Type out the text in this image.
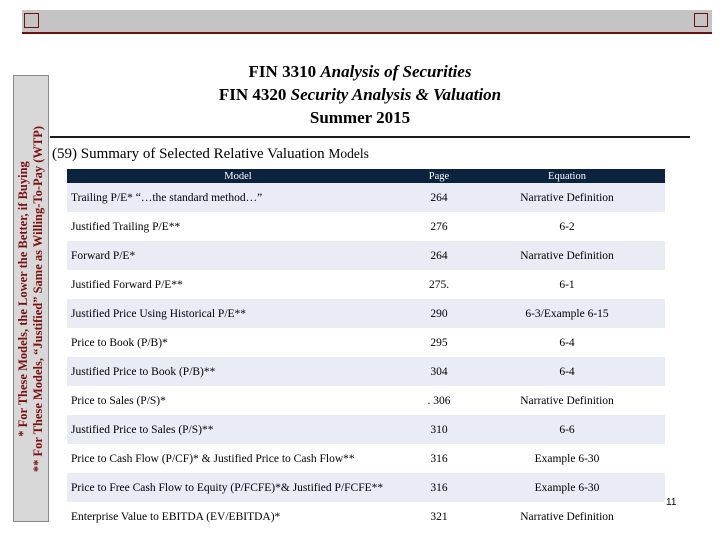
* For These Models, the Lower the Better, if Buying ** For These Models, “Justified” Same as Willing-To-Pay (WTP)
FIN 3310 Analysis of Securities
FIN 4320 Security Analysis & Valuation
Summer 2015
(59) Summary of Selected Relative Valuation Models
Model	Page	Equation
Trailing P/E* “…the standard method…”	264	Narrative Definition
Justified Trailing P/E**	276	6-2
Forward P/E*	264	Narrative Definition
Justified Forward P/E**	275.	6-1
Justified Price Using Historical P/E**	290	6-3/Example 6-15
Price to Book (P/B)*	295	6-4
Justified Price to Book (P/B)**	304	6-4
Price to Sales (P/S)*	. 306	Narrative Definition
Justified Price to Sales (P/S)**	310	6-6
Price to Cash Flow (P/CF)* & Justified Price to Cash Flow**	316	Example 6-30
Price to Free Cash Flow to Equity (P/FCFE)*& Justified P/FCFE**	316	Example 6-30
Enterprise Value to EBITDA (EV/EBITDA)*	321	Narrative Definition
11
